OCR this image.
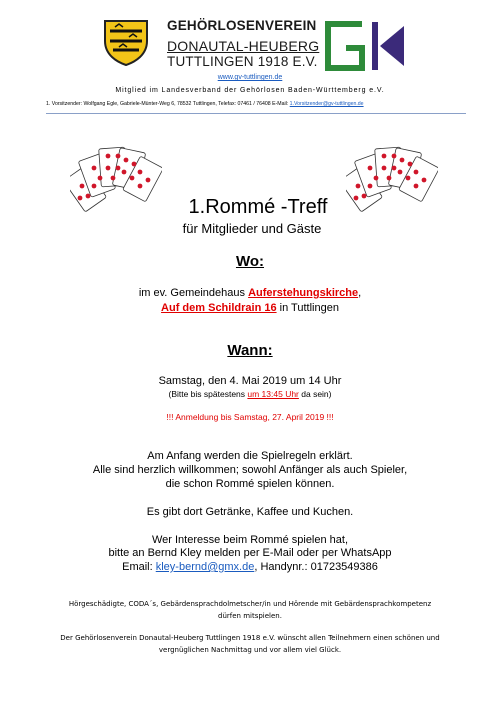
GEHÖRLOSENVEREIN
DONAUTAL-HEUBERG
TUTTLINGEN 1918 E.V.
www.gv-tuttlingen.de
Mitglied im Landesverband der Gehörlosen Baden-Württemberg e.V.
1. Vorsitzender: Wolfgang Egle, Gabriele-Münter-Weg 6, 78532 Tuttlingen, Telefax: 07461 / 76408 E-Mail: 1.Vorsitzender@gv-tuttlingen.de
1.Rommé -Treff
für Mitglieder und Gäste
Wo:
im ev. Gemeindehaus Auferstehungskirche,
Auf dem Schildrain 16 in Tuttlingen
Wann:
Samstag, den 4. Mai 2019 um 14 Uhr
(Bitte bis spätestens um 13:45 Uhr da sein)
!!! Anmeldung bis Samstag, 27. April 2019 !!!
Am Anfang werden die Spielregeln erklärt.
Alle sind herzlich willkommen; sowohl Anfänger als auch Spieler,
die schon Rommé spielen können.
Es gibt dort Getränke, Kaffee und Kuchen.
Wer Interesse beim Rommé spielen hat,
bitte an Bernd Kley melden per E-Mail oder per WhatsApp
Email: kley-bernd@gmx.de, Handynr.: 01723549386
Hörgeschädigte, CODA´s, Gebärdensprachdolmetscher/in und Hörende mit Gebärdensprachkompetenz
dürfen mitspielen.
Der Gehörlosenverein Donautal-Heuberg Tuttlingen 1918 e.V. wünscht allen Teilnehmern einen schönen und
vergnüglichen Nachmittag und vor allem viel Glück.
